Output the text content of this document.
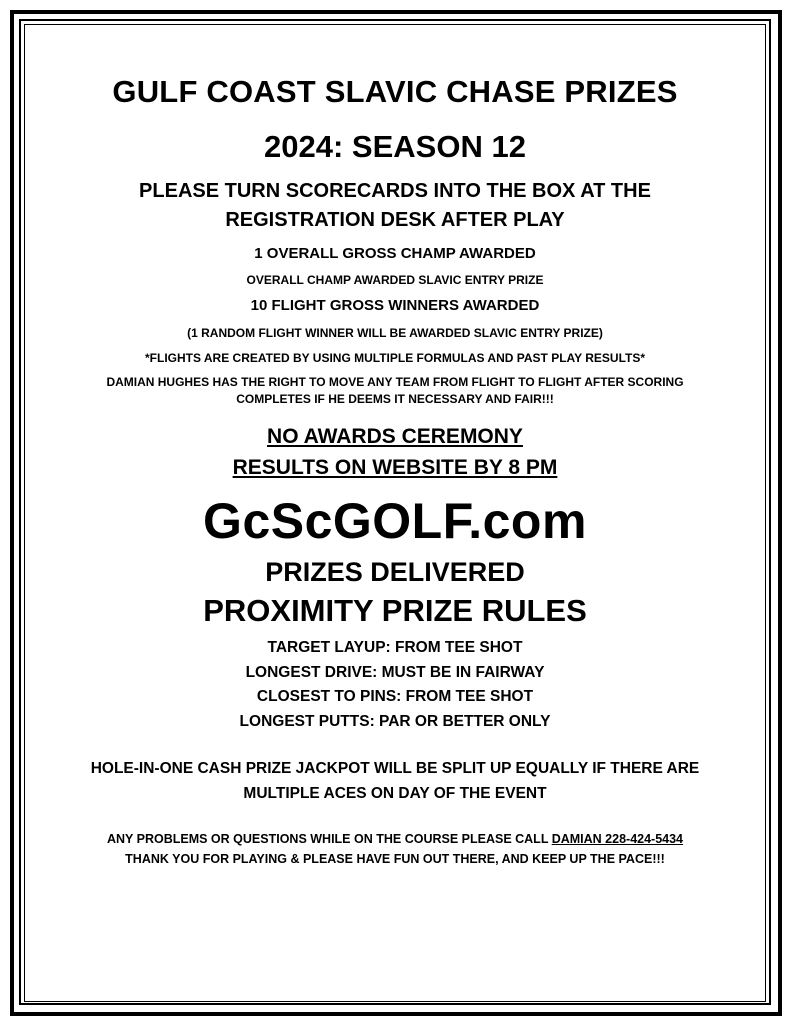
GULF COAST SLAVIC CHASE PRIZES
2024: SEASON 12
PLEASE TURN SCORECARDS INTO THE BOX AT THE REGISTRATION DESK AFTER PLAY
1 OVERALL GROSS CHAMP AWARDED
OVERALL CHAMP AWARDED SLAVIC ENTRY PRIZE
10 FLIGHT GROSS WINNERS AWARDED
(1 RANDOM FLIGHT WINNER WILL BE AWARDED SLAVIC ENTRY PRIZE)
*FLIGHTS ARE CREATED BY USING MULTIPLE FORMULAS AND PAST PLAY RESULTS*
DAMIAN HUGHES HAS THE RIGHT TO MOVE ANY TEAM FROM FLIGHT TO FLIGHT AFTER SCORING COMPLETES IF HE DEEMS IT NECESSARY AND FAIR!!!
NO AWARDS CEREMONY
RESULTS ON WEBSITE BY 8 PM
GcScGOLF.com
PRIZES DELIVERED
PROXIMITY PRIZE RULES
TARGET LAYUP: FROM TEE SHOT
LONGEST DRIVE: MUST BE IN FAIRWAY
CLOSEST TO PINS: FROM TEE SHOT
LONGEST PUTTS: PAR OR BETTER ONLY
HOLE-IN-ONE CASH PRIZE JACKPOT WILL BE SPLIT UP EQUALLY IF THERE ARE MULTIPLE ACES ON DAY OF THE EVENT
ANY PROBLEMS OR QUESTIONS WHILE ON THE COURSE PLEASE CALL DAMIAN 228-424-5434
THANK YOU FOR PLAYING & PLEASE HAVE FUN OUT THERE, AND KEEP UP THE PACE!!!
